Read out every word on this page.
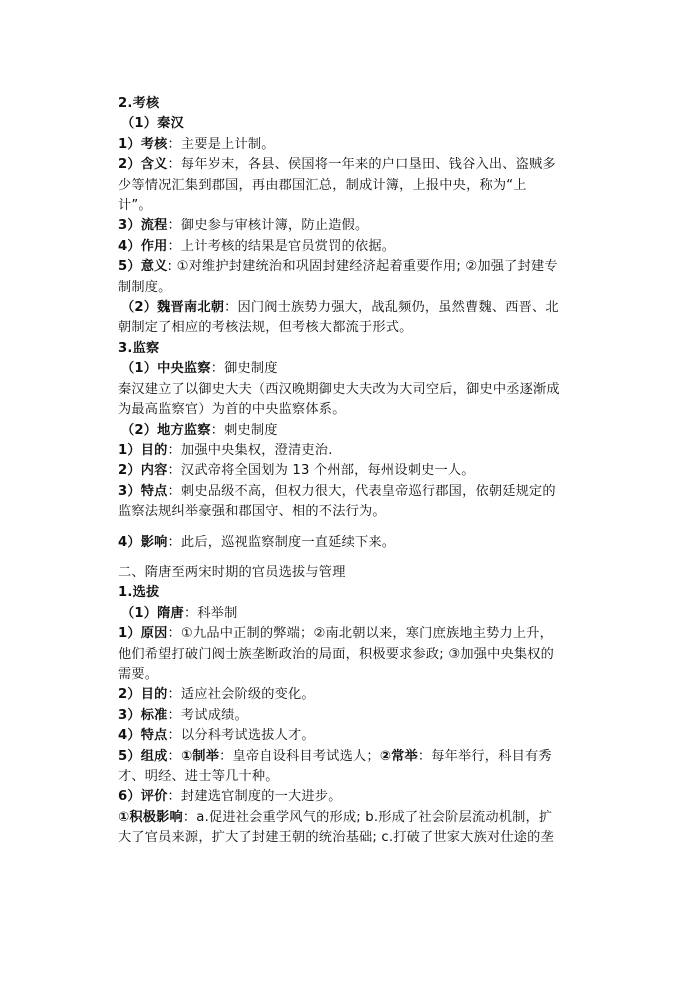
2.考核
（1）秦汉
1）考核：主要是上计制。
2）含义：每年岁末，各县、侯国将一年来的户口垦田、钱谷入出、盗贼多
少等情况汇集到郡国，再由郡国汇总，制成计簿，上报中央，称为“上
计”。
3）流程：御史参与审核计簿，防止造假。
4）作用：上计考核的结果是官员赏罚的依据。
5）意义: ①对维护封建统治和巩固封建经济起着重要作用; ②加强了封建专
制制度。
（2）魏晋南北朝：因门阀士族势力强大，战乱频仍，虽然曹魏、西晋、北
朝制定了相应的考核法规，但考核大都流于形式。
3.监察
（1）中央监察：御史制度
秦汉建立了以御史大夫（西汉晚期御史大夫改为大司空后，御史中丞逐渐成
为最高监察官）为首的中央监察体系。
（2）地方监察：刺史制度
1）目的：加强中央集权，澄清吏治.
2）内容：汉武帝将全国划为 13 个州部，每州设刺史一人。
3）特点：刺史品级不高，但权力很大，代表皇帝巡行郡国，依朝廷规定的
监察法规纠举豪强和郡国守、相的不法行为。
4）影响：此后，巡视监察制度一直延续下来。
二、隋唐至两宋时期的官员选拔与管理
1.选拔
（1）隋唐：科举制
1）原因：①九品中正制的弊端；②南北朝以来，寒门庶族地主势力上升，
他们希望打破门阀士族垄断政治的局面，积极要求参政; ③加强中央集权的
需要。
2）目的：适应社会阶级的变化。
3）标准：考试成绩。
4）特点：以分科考试选拔人才。
5）组成：①制举：皇帝自设科目考试选人；②常举：每年举行，科目有秀
才、明经、进士等几十种。
6）评价：封建选官制度的一大进步。
①积极影响：a.促进社会重学风气的形成; b.形成了社会阶层流动机制，扩
大了官员来源，扩大了封建王朝的统治基础; c.打破了世家大族对仕途的垄
